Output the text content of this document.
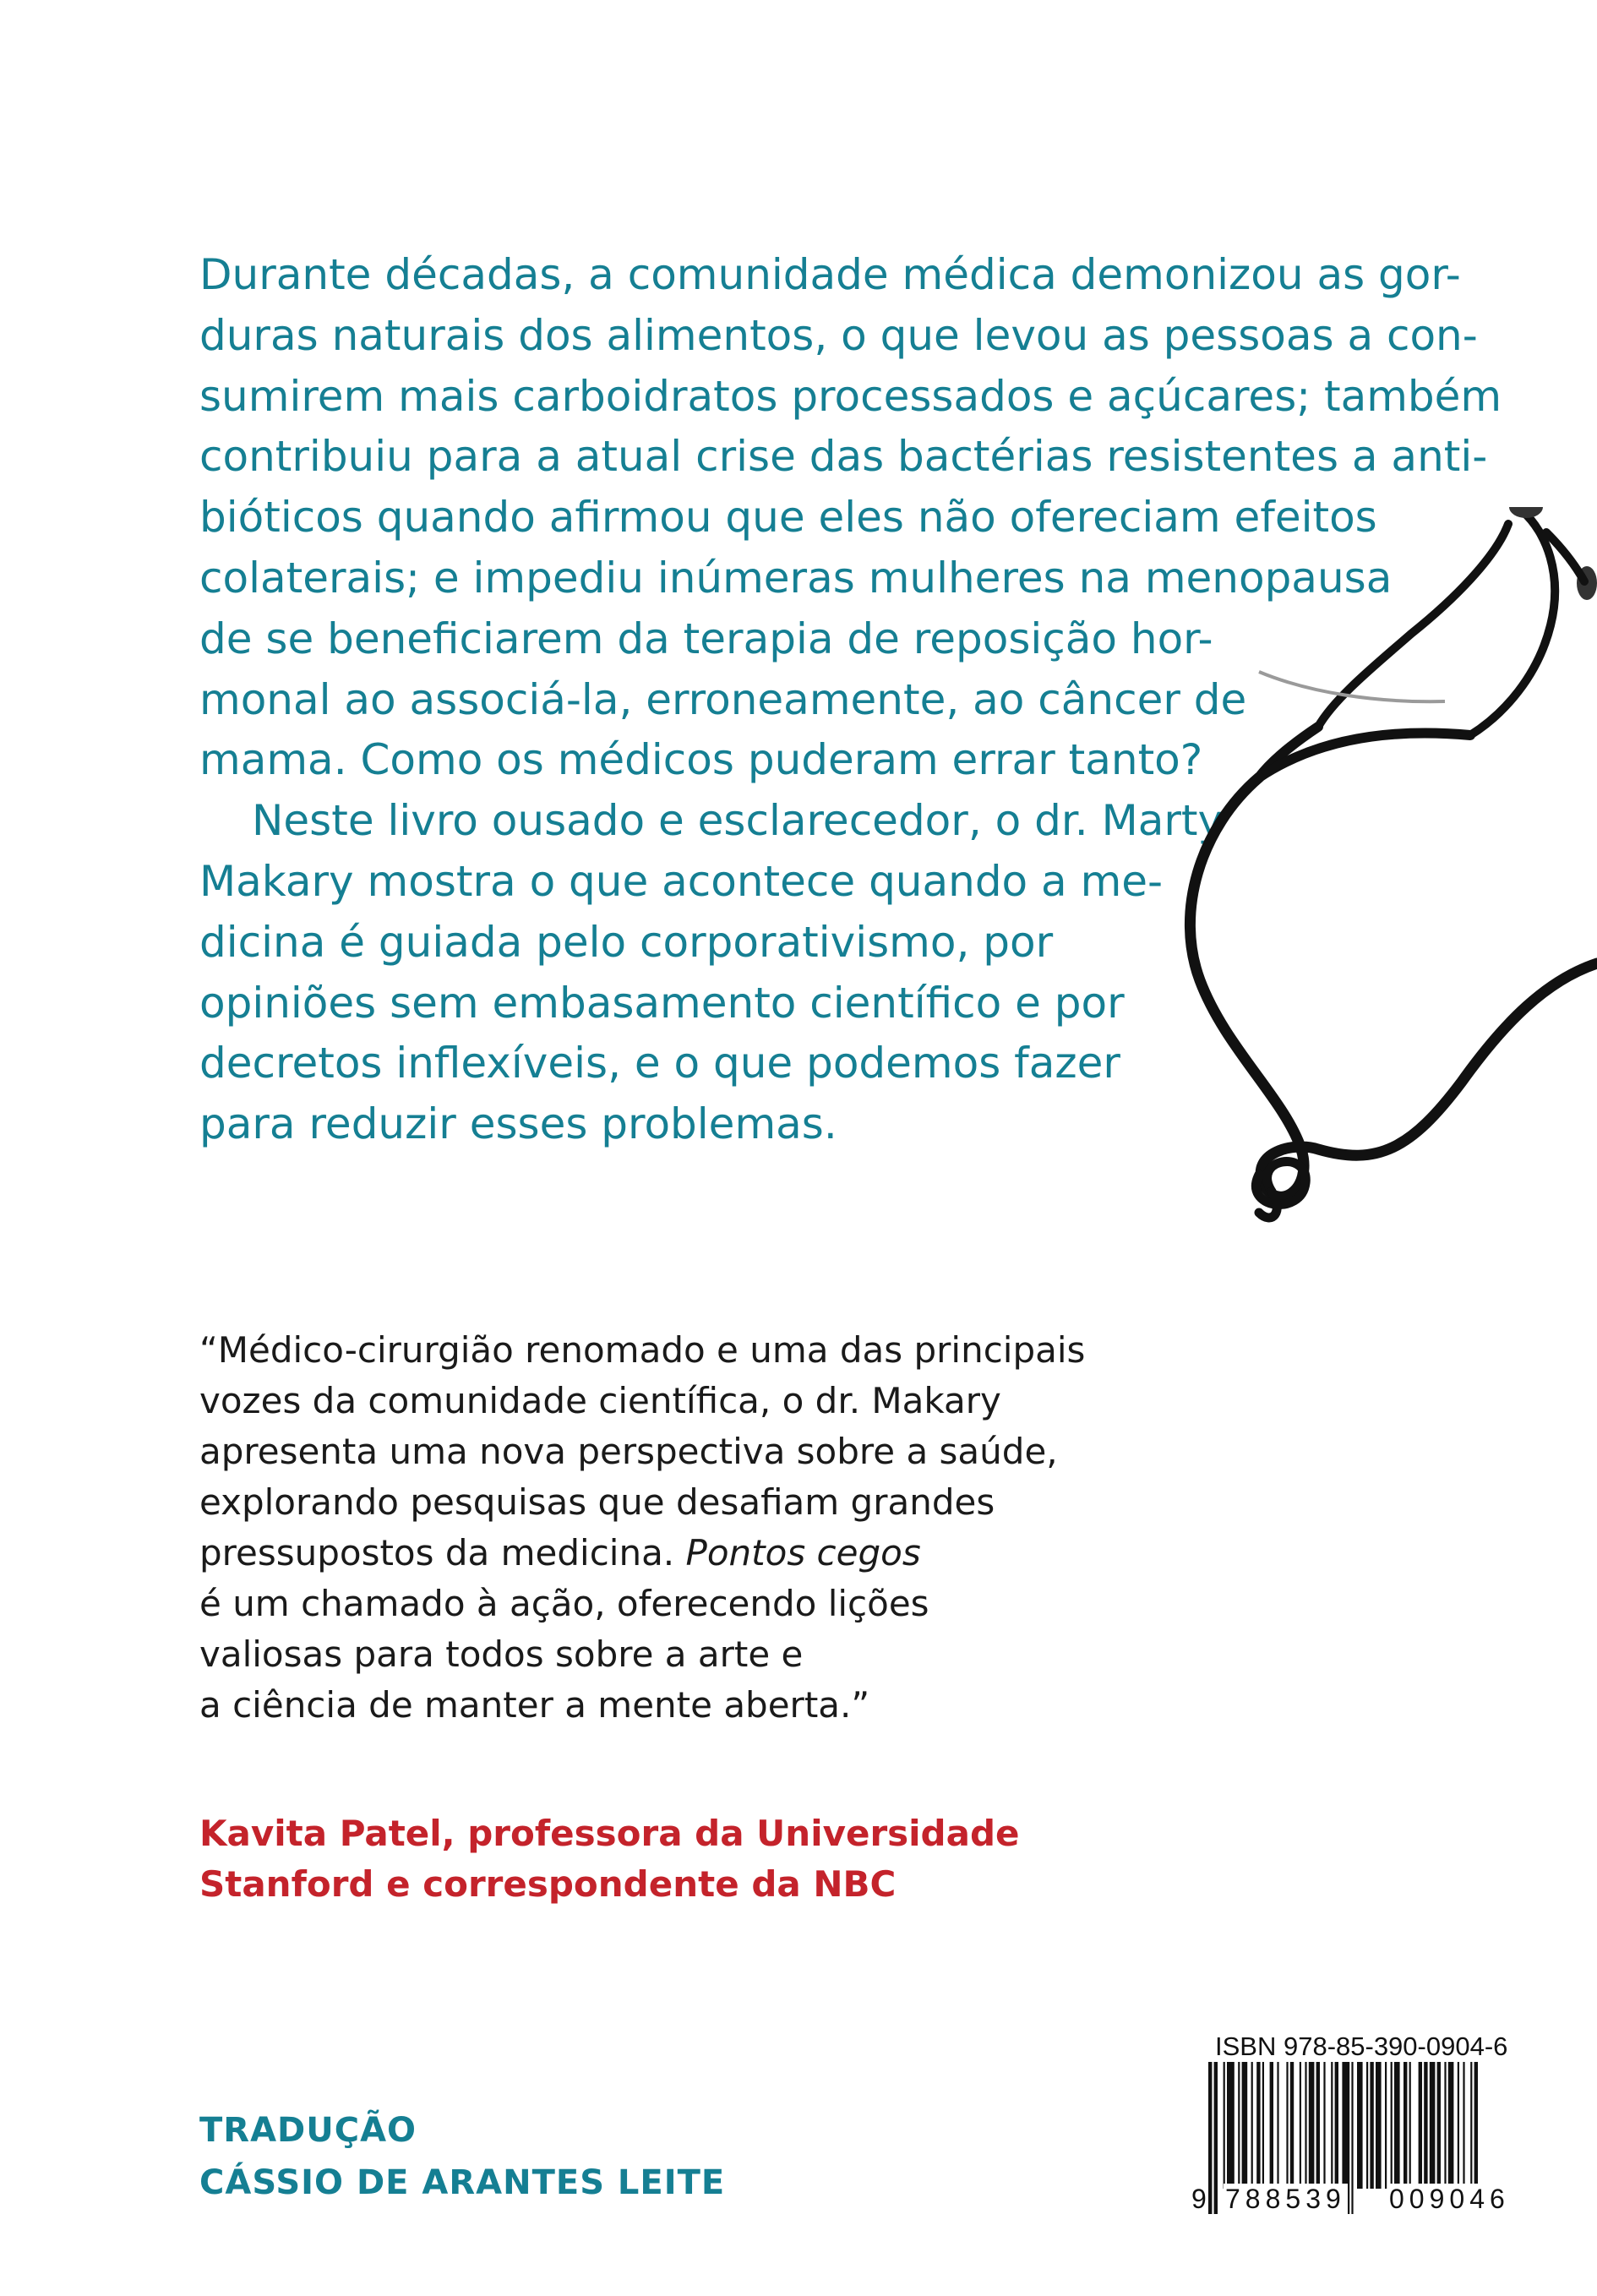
Durante décadas, a comunidade médica demonizou as gor-
duras naturais dos alimentos, o que levou as pessoas a con-
sumirem mais carboidratos processados e açúcares; também
contribuiu para a atual crise das bactérias resistentes a anti-
bióticos quando afirmou que eles não ofereciam efeitos
colaterais; e impediu inúmeras mulheres na menopausa
de se beneficiarem da terapia de reposição hor-
monal ao associá-la, erroneamente, ao câncer de
mama. Como os médicos puderam errar tanto?
Neste livro ousado e esclarecedor, o dr. Marty
Makary mostra o que acontece quando a me-
dicina é guiada pelo corporativismo, por
opiniões sem embasamento científico e por
decretos inflexíveis, e o que podemos fazer
para reduzir esses problemas.
“Médico-cirurgião renomado e uma das principais
vozes da comunidade científica, o dr. Makary
apresenta uma nova perspectiva sobre a saúde,
explorando pesquisas que desafiam grandes
pressupostos da medicina. Pontos cegos
é um chamado à ação, oferecendo lições
valiosas para todos sobre a arte e
a ciência de manter a mente aberta.”
Kavita Patel, professora da Universidade
Stanford e correspondente da NBC
TRADUÇÃO
CÁSSIO DE ARANTES LEITE
ISBN 978-85-390-0904-6
9 788539 009046
